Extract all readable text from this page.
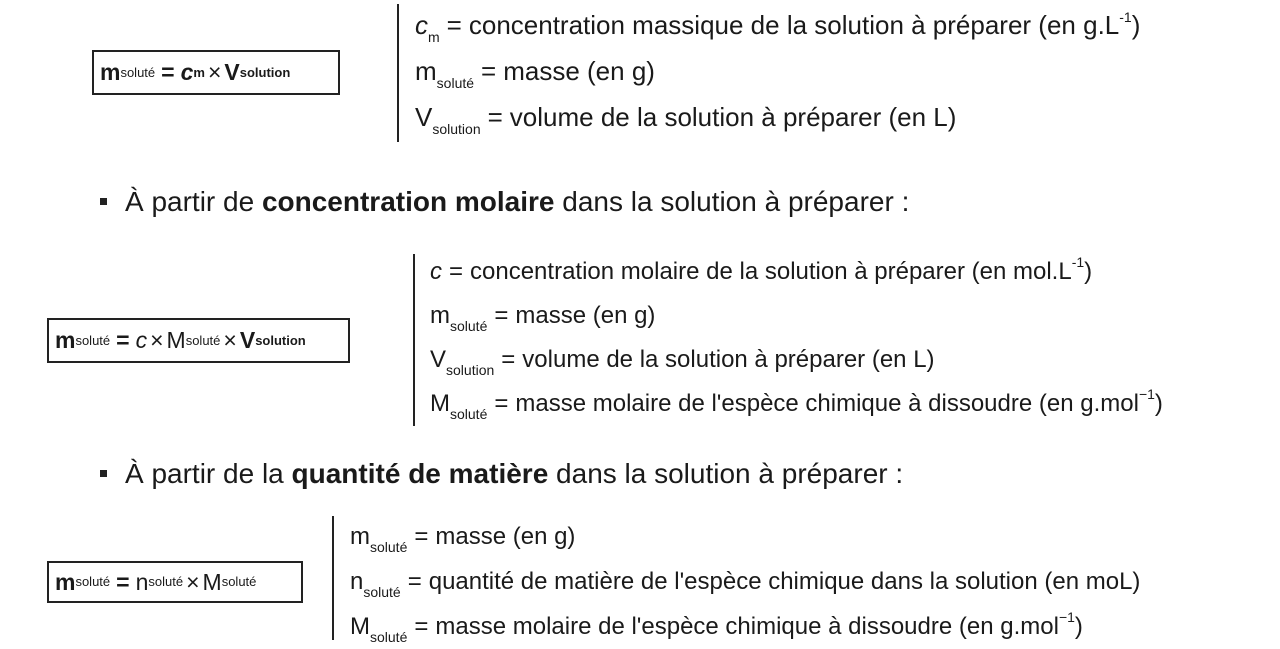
m soluté = c m × V solution
$c_m$ = concentration massique de la solution à préparer (en $g.L^{-1}$)
$m_{soluté}$ = masse (en g)
$V_{solution}$ = volume de la solution à préparer (en L)
À partir de concentration molaire dans la solution à préparer :
m soluté = c × M soluté × V solution
c = concentration molaire de la solution à préparer (en $mol.L^{-1}$)
$m_{soluté}$ = masse (en g)
$V_{solution}$ = volume de la solution à préparer (en L)
$M_{soluté}$ = masse molaire de l'espèce chimique à dissoudre (en g.mol$^{-1}$)
À partir de la quantité de matière dans la solution à préparer :
m soluté = n soluté × M soluté
$m_{soluté}$ = masse (en g)
$n_{soluté}$ = quantité de matière de l'espèce chimique dans la solution (en moL)
$M_{soluté}$ = masse molaire de l'espèce chimique à dissoudre (en g.mol$^{-1}$)
